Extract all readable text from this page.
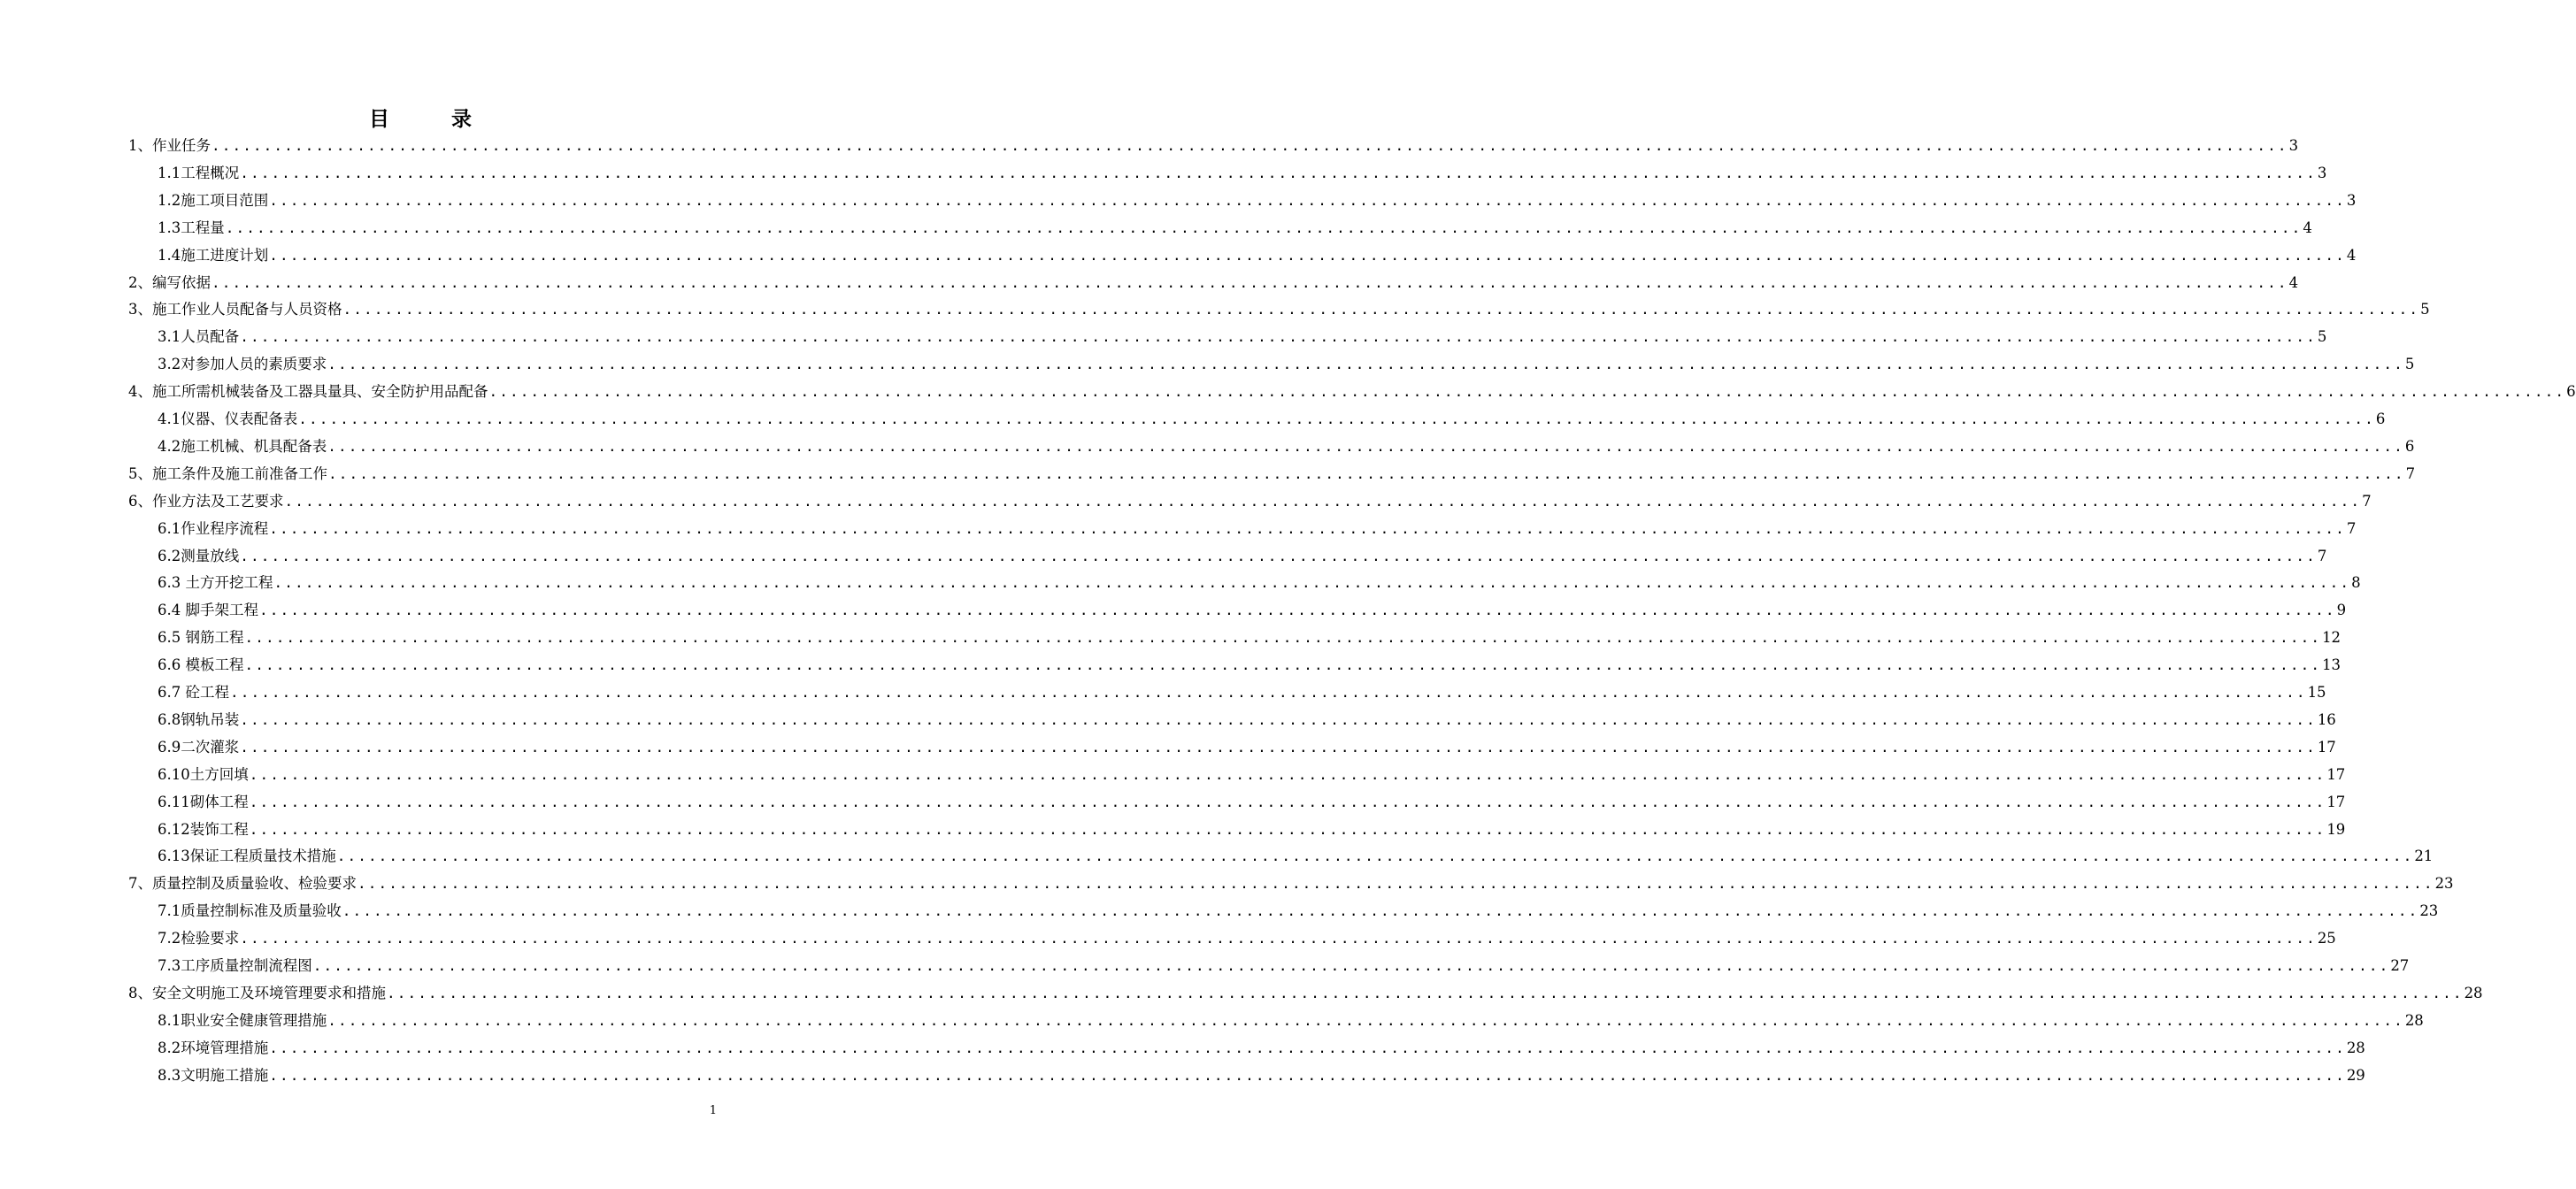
目	录
1、作业任务 ........................................................................................................................................................................................................ 3
1.1工程概况 ........................................................................................................................................................................................................ 3
1.2施工项目范围 ........................................................................................................................................................................................................ 3
1.3工程量 ........................................................................................................................................................................................................ 4
1.4施工进度计划 ........................................................................................................................................................................................................ 4
2、编写依据 ........................................................................................................................................................................................................ 4
3、施工作业人员配备与人员资格 ........................................................................................................................................................................................................ 5
3.1人员配备 ........................................................................................................................................................................................................ 5
3.2对参加人员的素质要求 ........................................................................................................................................................................................................ 5
4、施工所需机械装备及工器具量具、安全防护用品配备 ........................................................................................................................................................................................................ 6
4.1仪器、仪表配备表 ........................................................................................................................................................................................................ 6
4.2施工机械、机具配备表 ........................................................................................................................................................................................................ 6
5、施工条件及施工前准备工作 ........................................................................................................................................................................................................ 7
6、作业方法及工艺要求 ........................................................................................................................................................................................................ 7
6.1作业程序流程 ........................................................................................................................................................................................................ 7
6.2测量放线 ........................................................................................................................................................................................................ 7
6.3 土方开挖工程 ........................................................................................................................................................................................................ 8
6.4 脚手架工程 ........................................................................................................................................................................................................ 9
6.5 钢筋工程 ........................................................................................................................................................................................................ 12
6.6 模板工程 ........................................................................................................................................................................................................ 13
6.7 砼工程 ........................................................................................................................................................................................................ 15
6.8钢轨吊装 ........................................................................................................................................................................................................ 16
6.9二次灌浆 ........................................................................................................................................................................................................ 17
6.10土方回填 ........................................................................................................................................................................................................ 17
6.11砌体工程 ........................................................................................................................................................................................................ 17
6.12装饰工程 ........................................................................................................................................................................................................ 19
6.13保证工程质量技术措施 ........................................................................................................................................................................................................ 21
7、质量控制及质量验收、检验要求 ........................................................................................................................................................................................................ 23
7.1质量控制标准及质量验收 ........................................................................................................................................................................................................ 23
7.2检验要求 ........................................................................................................................................................................................................ 25
7.3工序质量控制流程图 ........................................................................................................................................................................................................ 27
8、安全文明施工及环境管理要求和措施 ........................................................................................................................................................................................................ 28
8.1职业安全健康管理措施 ........................................................................................................................................................................................................ 28
8.2环境管理措施 ........................................................................................................................................................................................................ 28
8.3文明施工措施 ........................................................................................................................................................................................................ 29
1
